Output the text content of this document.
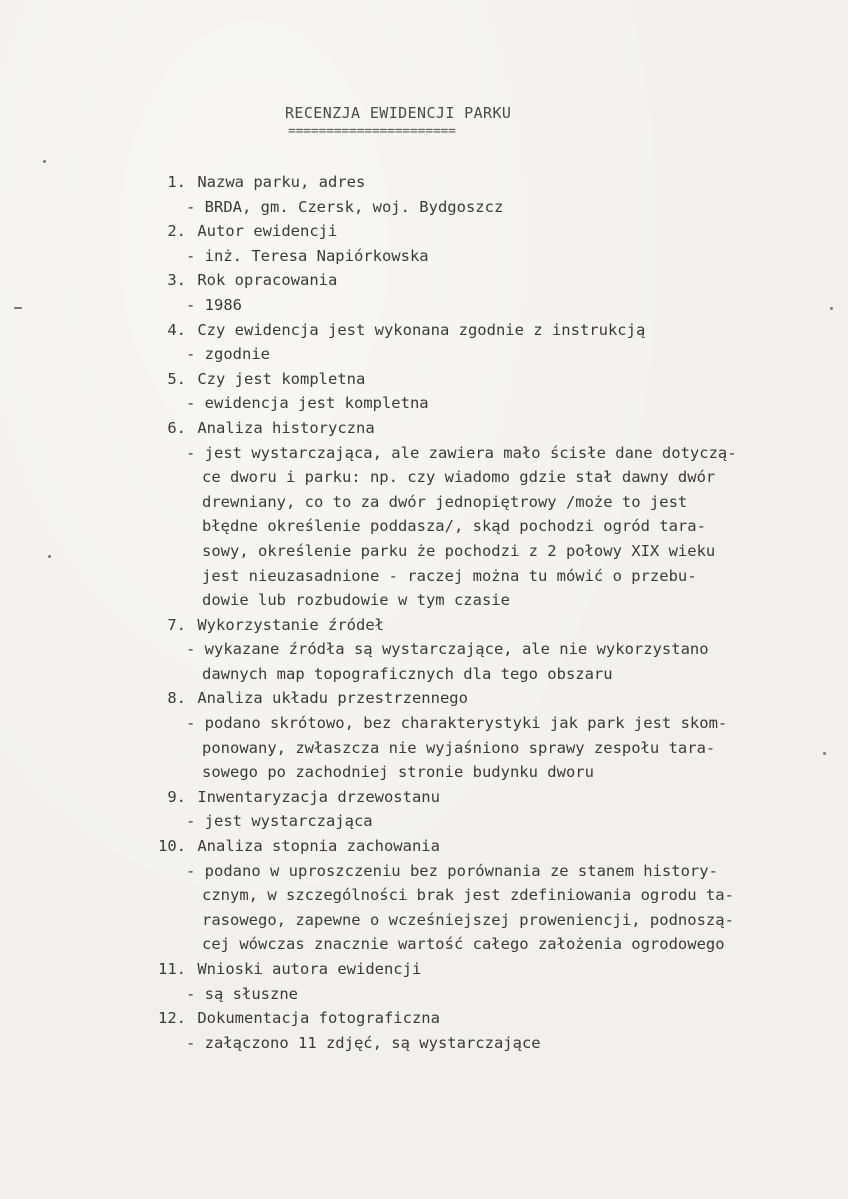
RECENZJA EWIDENCJI PARKU
======================
1. Nazwa parku, adres
- BRDA, gm. Czersk, woj. Bydgoszcz
2. Autor ewidencji
- inż. Teresa Napiórkowska
3. Rok opracowania
- 1986
4. Czy ewidencja jest wykonana zgodnie z instrukcją
- zgodnie
5. Czy jest kompletna
- ewidencja jest kompletna
6. Analiza historyczna
- jest wystarczająca, ale zawiera mało ścisłe dane dotyczą-
ce dworu i parku: np. czy wiadomo gdzie stał dawny dwór
drewniany, co to za dwór jednopiętrowy /może to jest
błędne określenie poddasza/, skąd pochodzi ogród tara-
sowy, określenie parku że pochodzi z 2 połowy XIX wieku
jest nieuzasadnione - raczej można tu mówić o przebu-
dowie lub rozbudowie w tym czasie
7. Wykorzystanie źródeł
- wykazane źródła są wystarczające, ale nie wykorzystano
dawnych map topograficznych dla tego obszaru
8. Analiza układu przestrzennego
- podano skrótowo, bez charakterystyki jak park jest skom-
ponowany, zwłaszcza nie wyjaśniono sprawy zespołu tara-
sowego po zachodniej stronie budynku dworu
9. Inwentaryzacja drzewostanu
- jest wystarczająca
10. Analiza stopnia zachowania
- podano w uproszczeniu bez porównania ze stanem history-
cznym, w szczególności brak jest zdefiniowania ogrodu ta-
rasowego, zapewne o wcześniejszej proweniencji, podnoszą-
cej wówczas znacznie wartość całego założenia ogrodowego
11. Wnioski autora ewidencji
- są słuszne
12. Dokumentacja fotograficzna
- załączono 11 zdjęć, są wystarczające
